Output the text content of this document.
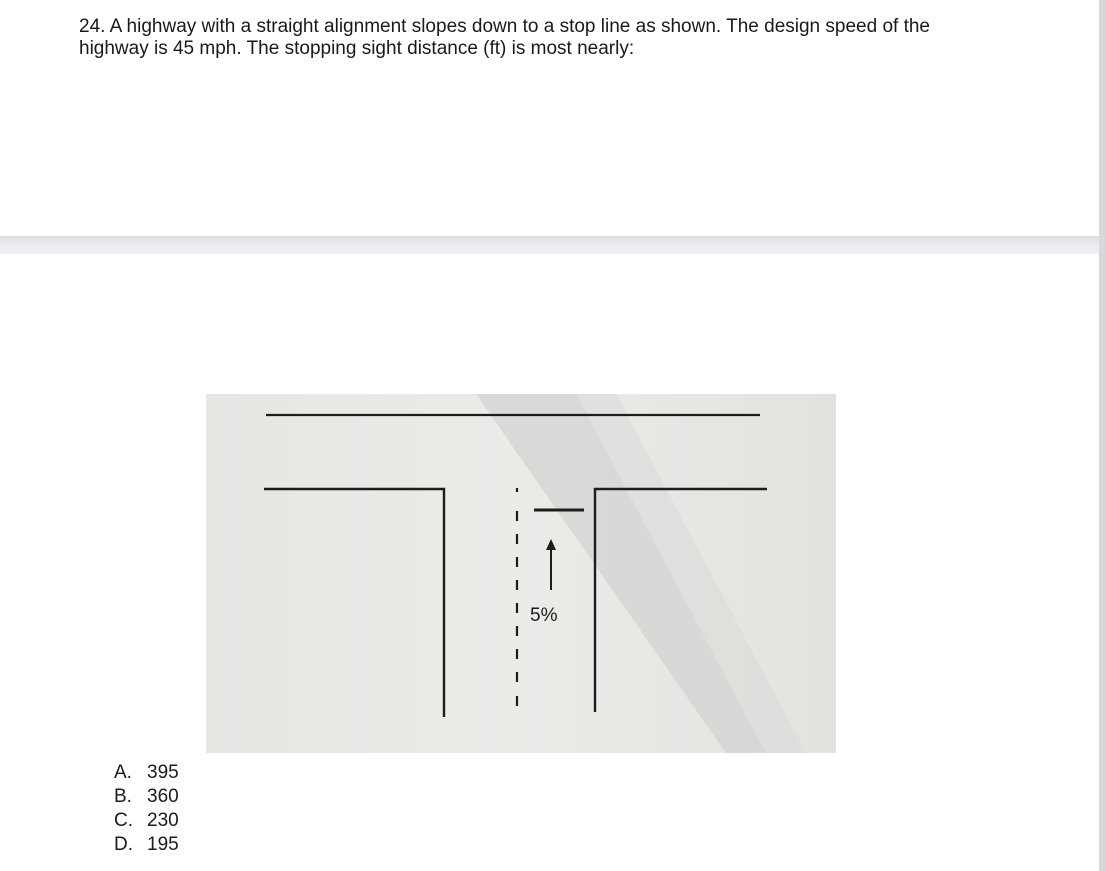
24. A highway with a straight alignment slopes down to a stop line as shown. The design speed of the highway is 45 mph. The stopping sight distance (ft) is most nearly:

5%
A. 395
B. 360
C. 230
D. 195
